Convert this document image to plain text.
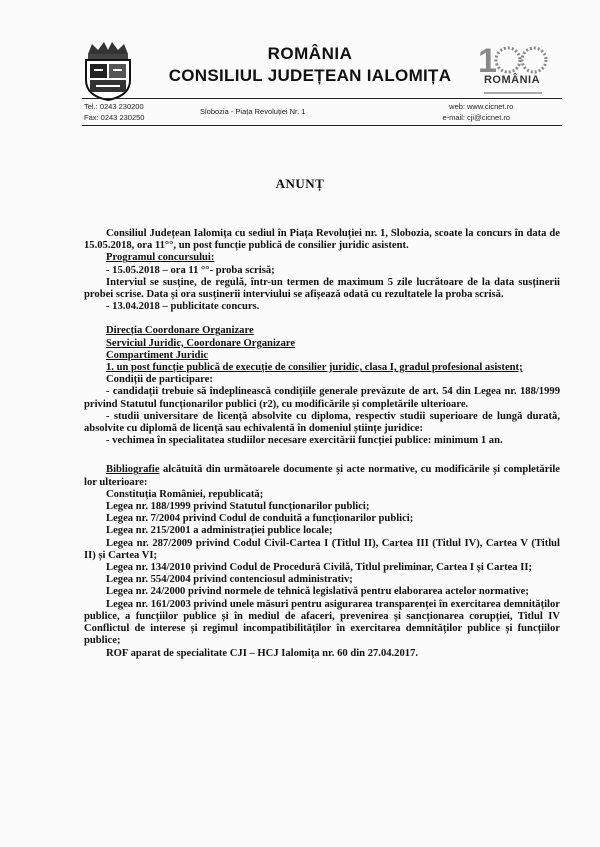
ROMÂNIA
CONSILIUL JUDEȚEAN IALOMIȚA 1
ROMÂNIA
Tel.: 0243 230200
Fax: 0243 230250
Slobozia - Piața Revoluției Nr. 1
web:
e-mail:
www.cicnet.ro
cji@cicnet.ro
ANUNȚ

Consiliul Județean Ialomița cu sediul în Piața Revoluției nr. 1, Slobozia, scoate la concurs în data de 15.05.2018, ora 11°°, un post funcție publică de consilier juridic asistent.

Programul concursului:

- 15.05.2018 – ora 11 °°- proba scrisă;

Interviul se susține, de regulă, într-un termen de maximum 5 zile lucrătoare de la data susținerii probei scrise. Data și ora susținerii interviului se afișează odată cu rezultatele la proba scrisă.

- 13.04.2018 – publicitate concurs.

Direcția Coordonare Organizare

Serviciul Juridic, Coordonare Organizare

Compartiment Juridic

1. un post funcție publică de execuție de consilier juridic, clasa I, gradul profesional asistent;

Condiții de participare:

- candidații trebuie să îndeplinească condițiile generale prevăzute de art. 54 din Legea nr. 188/1999 privind Statutul funcționarilor publici (r2), cu modificările și completările ulterioare.

- studii universitare de licență absolvite cu diploma, respectiv studii superioare de lungă durată, absolvite cu diplomă de licență sau echivalentă în domeniul științe juridice:

- vechimea în specialitatea studiilor necesare exercitării funcției publice: minimum 1 an.

Bibliografie alcătuită din următoarele documente și acte normative, cu modificările și completările lor ulterioare:

Constituția României, republicată;

Legea nr. 188/1999 privind Statutul funcționarilor publici;

Legea nr. 7/2004 privind Codul de conduită a funcționarilor publici;

Legea nr. 215/2001 a administrației publice locale;

Legea nr. 287/2009 privind Codul Civil-Cartea I (Titlul II), Cartea III (Titlul IV), Cartea V (Titlul II) și Cartea VI;

Legea nr. 134/2010 privind Codul de Procedură Civilă, Titlul preliminar, Cartea I și Cartea II;

Legea nr. 554/2004 privind contenciosul administrativ;

Legea nr. 24/2000 privind normele de tehnică legislativă pentru elaborarea actelor normative;

Legea nr. 161/2003 privind unele măsuri pentru asigurarea transparenței în exercitarea demnităților publice, a funcțiilor publice și în mediul de afaceri, prevenirea și sancționarea corupției, Titlul IV Conflictul de interese și regimul incompatibilităților în exercitarea demnităților publice și funcțiilor publice;

ROF aparat de specialitate CJI – HCJ Ialomița nr. 60 din 27.04.2017.
